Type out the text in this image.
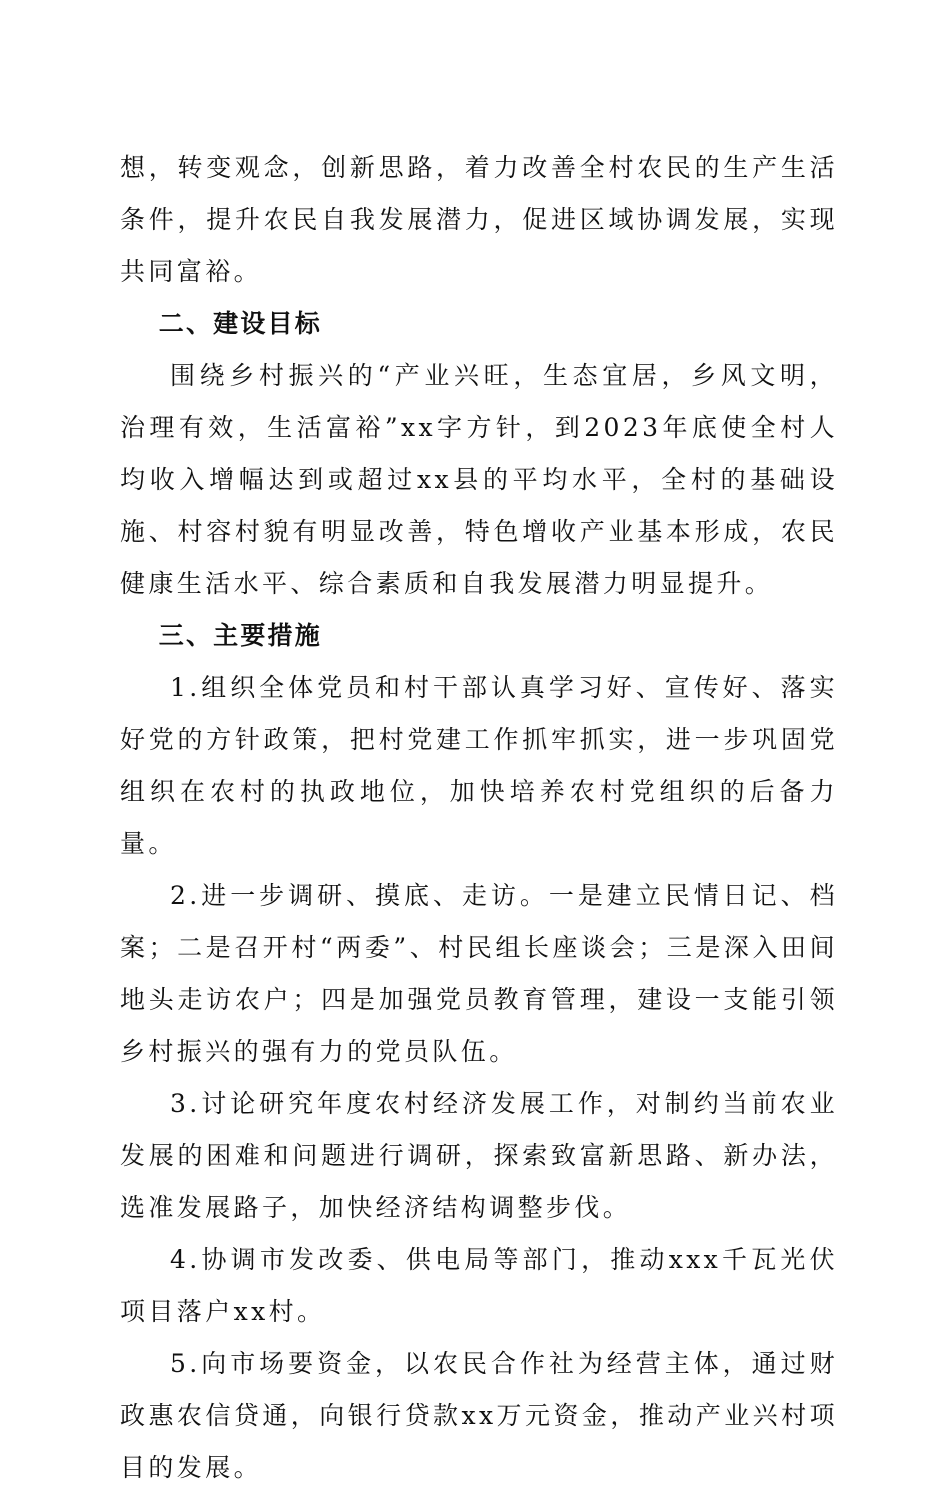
想，转变观念，创新思路，着力改善全村农民的生产生活条件，提升农民自我发展潜力，促进区域协调发展，实现共同富裕。

二、建设目标

围绕乡村振兴的“产业兴旺，生态宜居，乡风文明，治理有效，生活富裕”xx字方针，到2023年底使全村人均收入增幅达到或超过xx县的平均水平，全村的基础设施、村容村貌有明显改善，特色增收产业基本形成，农民健康生活水平、综合素质和自我发展潜力明显提升。

三、主要措施

1.组织全体党员和村干部认真学习好、宣传好、落实好党的方针政策，把村党建工作抓牢抓实，进一步巩固党组织在农村的执政地位，加快培养农村党组织的后备力量。

2.进一步调研、摸底、走访。一是建立民情日记、档案；二是召开村“两委”、村民组长座谈会；三是深入田间地头走访农户；四是加强党员教育管理，建设一支能引领乡村振兴的强有力的党员队伍。

3.讨论研究年度农村经济发展工作，对制约当前农业发展的困难和问题进行调研，探索致富新思路、新办法，选准发展路子，加快经济结构调整步伐。

4.协调市发改委、供电局等部门，推动xxx千瓦光伏项目落户xx村。

5.向市场要资金，以农民合作社为经营主体，通过财政惠农信贷通，向银行贷款xx万元资金，推动产业兴村项目的发展。
